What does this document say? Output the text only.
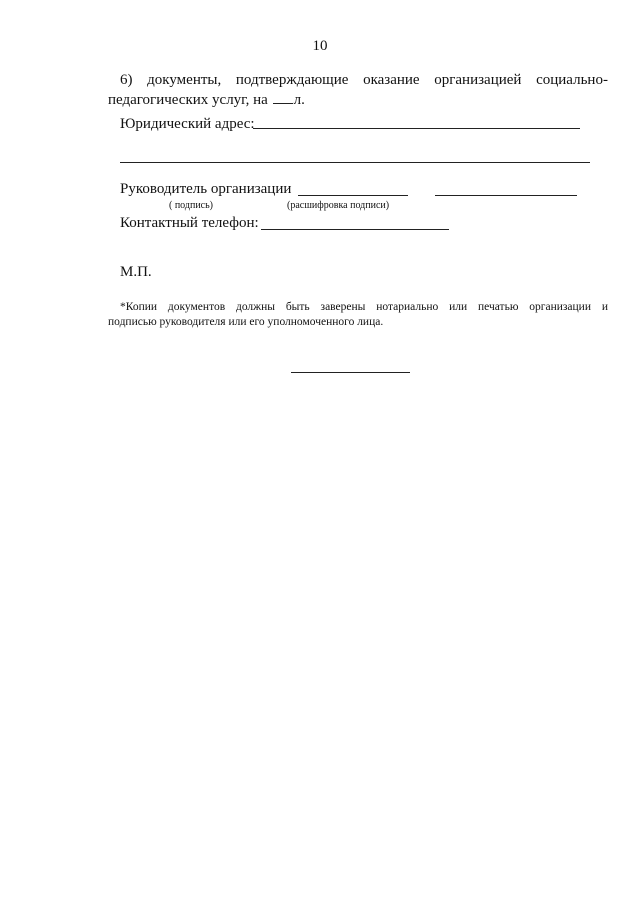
10
6) документы, подтверждающие оказание организацией социально-
педагогических услуг, на л.
Юридический адрес:
Руководитель организации
( подпись)	(расшифровка подписи)
Контактный телефон:
М.П.
*Копии документов должны быть заверены нотариально или печатью организации и
подписью руководителя или его уполномоченного лица.
